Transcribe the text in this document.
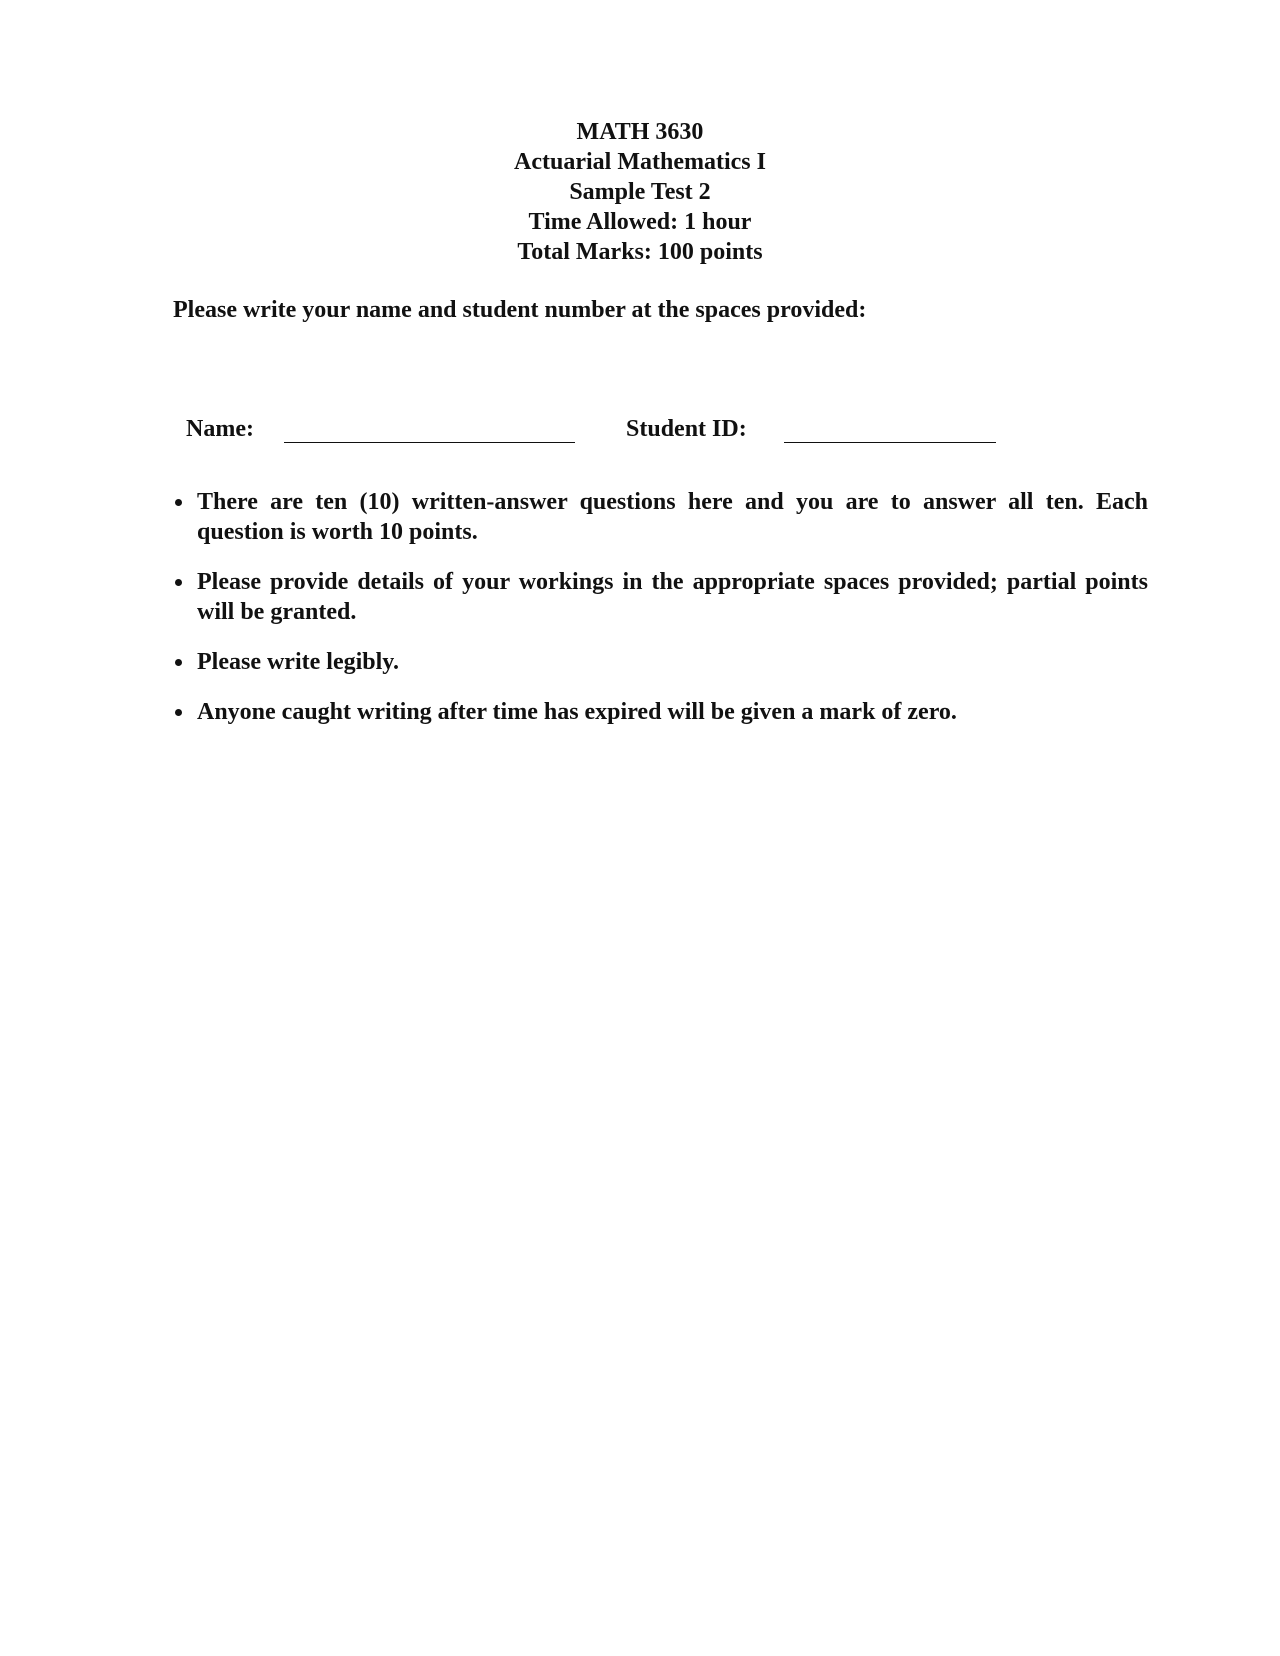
MATH 3630
Actuarial Mathematics I
Sample Test 2
Time Allowed: 1 hour
Total Marks: 100 points
Please write your name and student number at the spaces provided:
Name:	Student ID:
There are ten (10) written-answer questions here and you are to answer all ten. Each question is worth 10 points.
Please provide details of your workings in the appropriate spaces provided; partial points will be granted.
Please write legibly.
Anyone caught writing after time has expired will be given a mark of zero.
